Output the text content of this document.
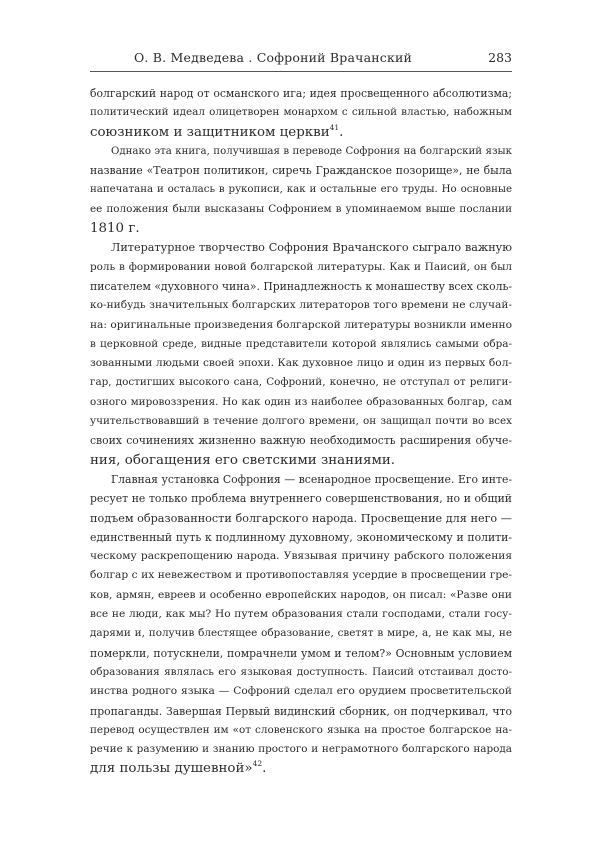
О. В. Медведева . Софроний Врачанский	283
болгарский народ от османского ига; идея просвещенного абсолютизма;
политический идеал олицетворен монархом с сильной властью, набожным
союзником и защитником церкви$^{41}$.
Однако эта книга, получившая в переводе Софрония на болгарский язык
название «Театрон политикон, сиречь Гражданское позорище», не была
напечатана и осталась в рукописи, как и остальные его труды. Но основные
ее положения были высказаны Софронием в упоминаемом выше послании
1810 г.
Литературное творчество Софрония Врачанского сыграло важную
роль в формировании новой болгарской литературы. Как и Паисий, он был
писателем «духовного чина». Принадлежность к монашеству всех сколь-
ко-нибудь значительных болгарских литераторов того времени не случай-
на: оригинальные произведения болгарской литературы возникли именно
в церковной среде, видные представители которой являлись самыми обра-
зованными людьми своей эпохи. Как духовное лицо и один из первых бол-
гар, достигших высокого сана, Софроний, конечно, не отступал от религи-
озного мировоззрения. Но как один из наиболее образованных болгар, сам
учительствовавший в течение долгого времени, он защищал почти во всех
своих сочинениях жизненно важную необходимость расширения обуче-
ния, обогащения его светскими знаниями.
Главная установка Софрония — всенародное просвещение. Его инте-
ресует не только проблема внутреннего совершенствования, но и общий
подъем образованности болгарского народа. Просвещение для него —
единственный путь к подлинному духовному, экономическому и полити-
ческому раскрепощению народа. Увязывая причину рабского положения
болгар с их невежеством и противопоставляя усердие в просвещении гре-
ков, армян, евреев и особенно европейских народов, он писал: «Разве они
все не люди, как мы? Но путем образования стали господами, стали госу-
дарями и, получив блестящее образование, светят в мире, а, не как мы, не
померкли, потускнели, помрачнели умом и телом?» Основным условием
образования являлась его языковая доступность. Паисий отстаивал досто-
инства родного языка — Софроний сделал его орудием просветительской
пропаганды. Завершая Первый видинский сборник, он подчеркивал, что
перевод осуществлен им «от словенского языка на простое болгарское на-
речие к разумению и знанию простого и неграмотного болгарского народа
для пользы душевной»$^{42}$.
